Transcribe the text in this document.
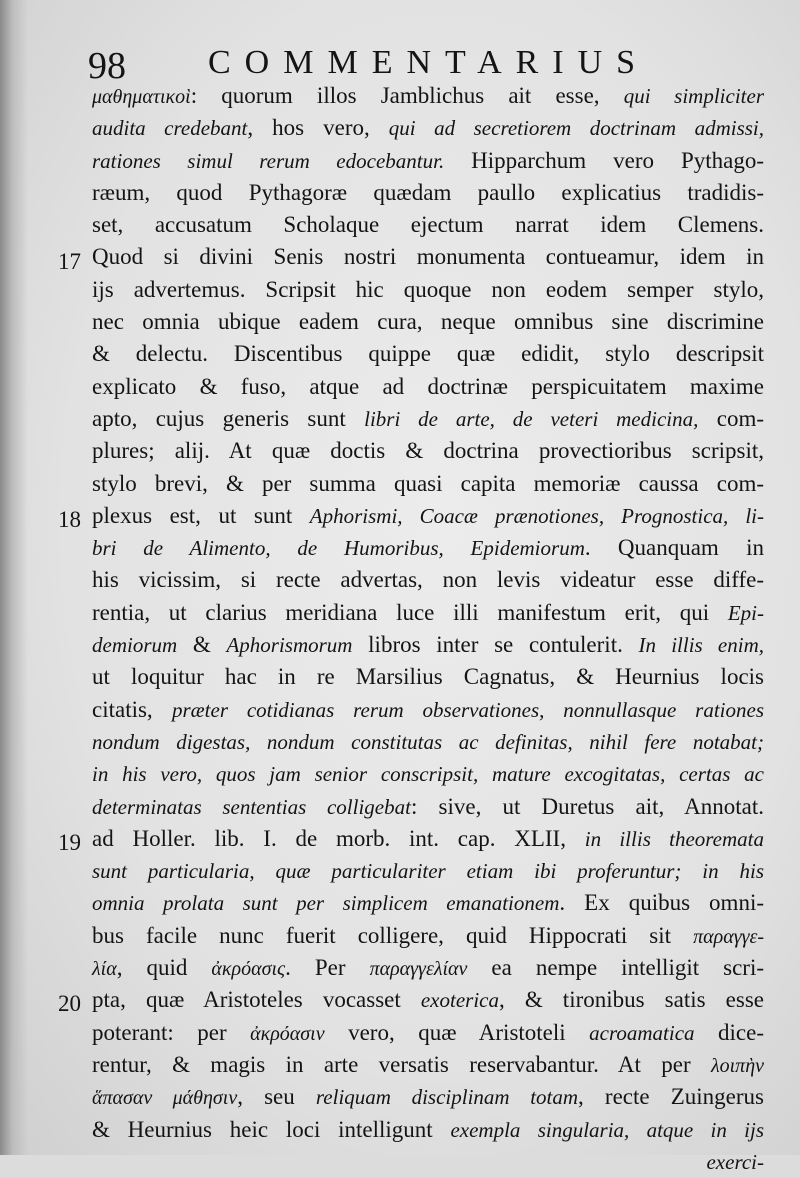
98 COMMENTARIUS
17
18
19
20
μαθηματικοὶ: quorum illos Jamblichus ait esse, qui simpliciter
audita credebant, hos vero, qui ad secretiorem doctrinam admissi,
rationes simul rerum edocebantur. Hipparchum vero Pythago-
ræum, quod Pythagoræ quædam paullo explicatius tradidis-
set, accusatum Scholaque ejectum narrat idem Clemens.
Quod si divini Senis nostri monumenta contueamur, idem in
ijs advertemus. Scripsit hic quoque non eodem semper stylo,
nec omnia ubique eadem cura, neque omnibus sine discrimine
& delectu. Discentibus quippe quæ edidit, stylo descripsit
explicato & fuso, atque ad doctrinæ perspicuitatem maxime
apto, cujus generis sunt libri de arte, de veteri medicina, com-
plures; alij. At quæ doctis & doctrina provectioribus scripsit,
stylo brevi, & per summa quasi capita memoriæ caussa com-
plexus est, ut sunt Aphorismi, Coacæ prænotiones, Prognostica, li-
bri de Alimento, de Humoribus, Epidemiorum. Quanquam in
his vicissim, si recte advertas, non levis videatur esse diffe-
rentia, ut clarius meridiana luce illi manifestum erit, qui Epi-
demiorum & Aphorismorum libros inter se contulerit. In illis enim,
ut loquitur hac in re Marsilius Cagnatus, & Heurnius locis
citatis, præter cotidianas rerum observationes, nonnullasque rationes
nondum digestas, nondum constitutas ac definitas, nihil fere notabat;
in his vero, quos jam senior conscripsit, mature excogitatas, certas ac
determinatas sententias colligebat: sive, ut Duretus ait, Annotat.
ad Holler. lib. I. de morb. int. cap. XLII, in illis theoremata
sunt particularia, quæ particulariter etiam ibi proferuntur; in his
omnia prolata sunt per simplicem emanationem. Ex quibus omni-
bus facile nunc fuerit colligere, quid Hippocrati sit παραγγε-
λία, quid ἀκρόασις. Per παραγγελίαν ea nempe intelligit scri-
pta, quæ Aristoteles vocasset exoterica, & tironibus satis esse
poterant: per ἀκρόασιν vero, quæ Aristoteli acroamatica dice-
rentur, & magis in arte versatis reservabantur. At per λοιπὴν
ἅπασαν μάθησιν, seu reliquam disciplinam totam, recte Zuingerus
& Heurnius heic loci intelligunt exempla singularia, atque in ijs
exerci-
